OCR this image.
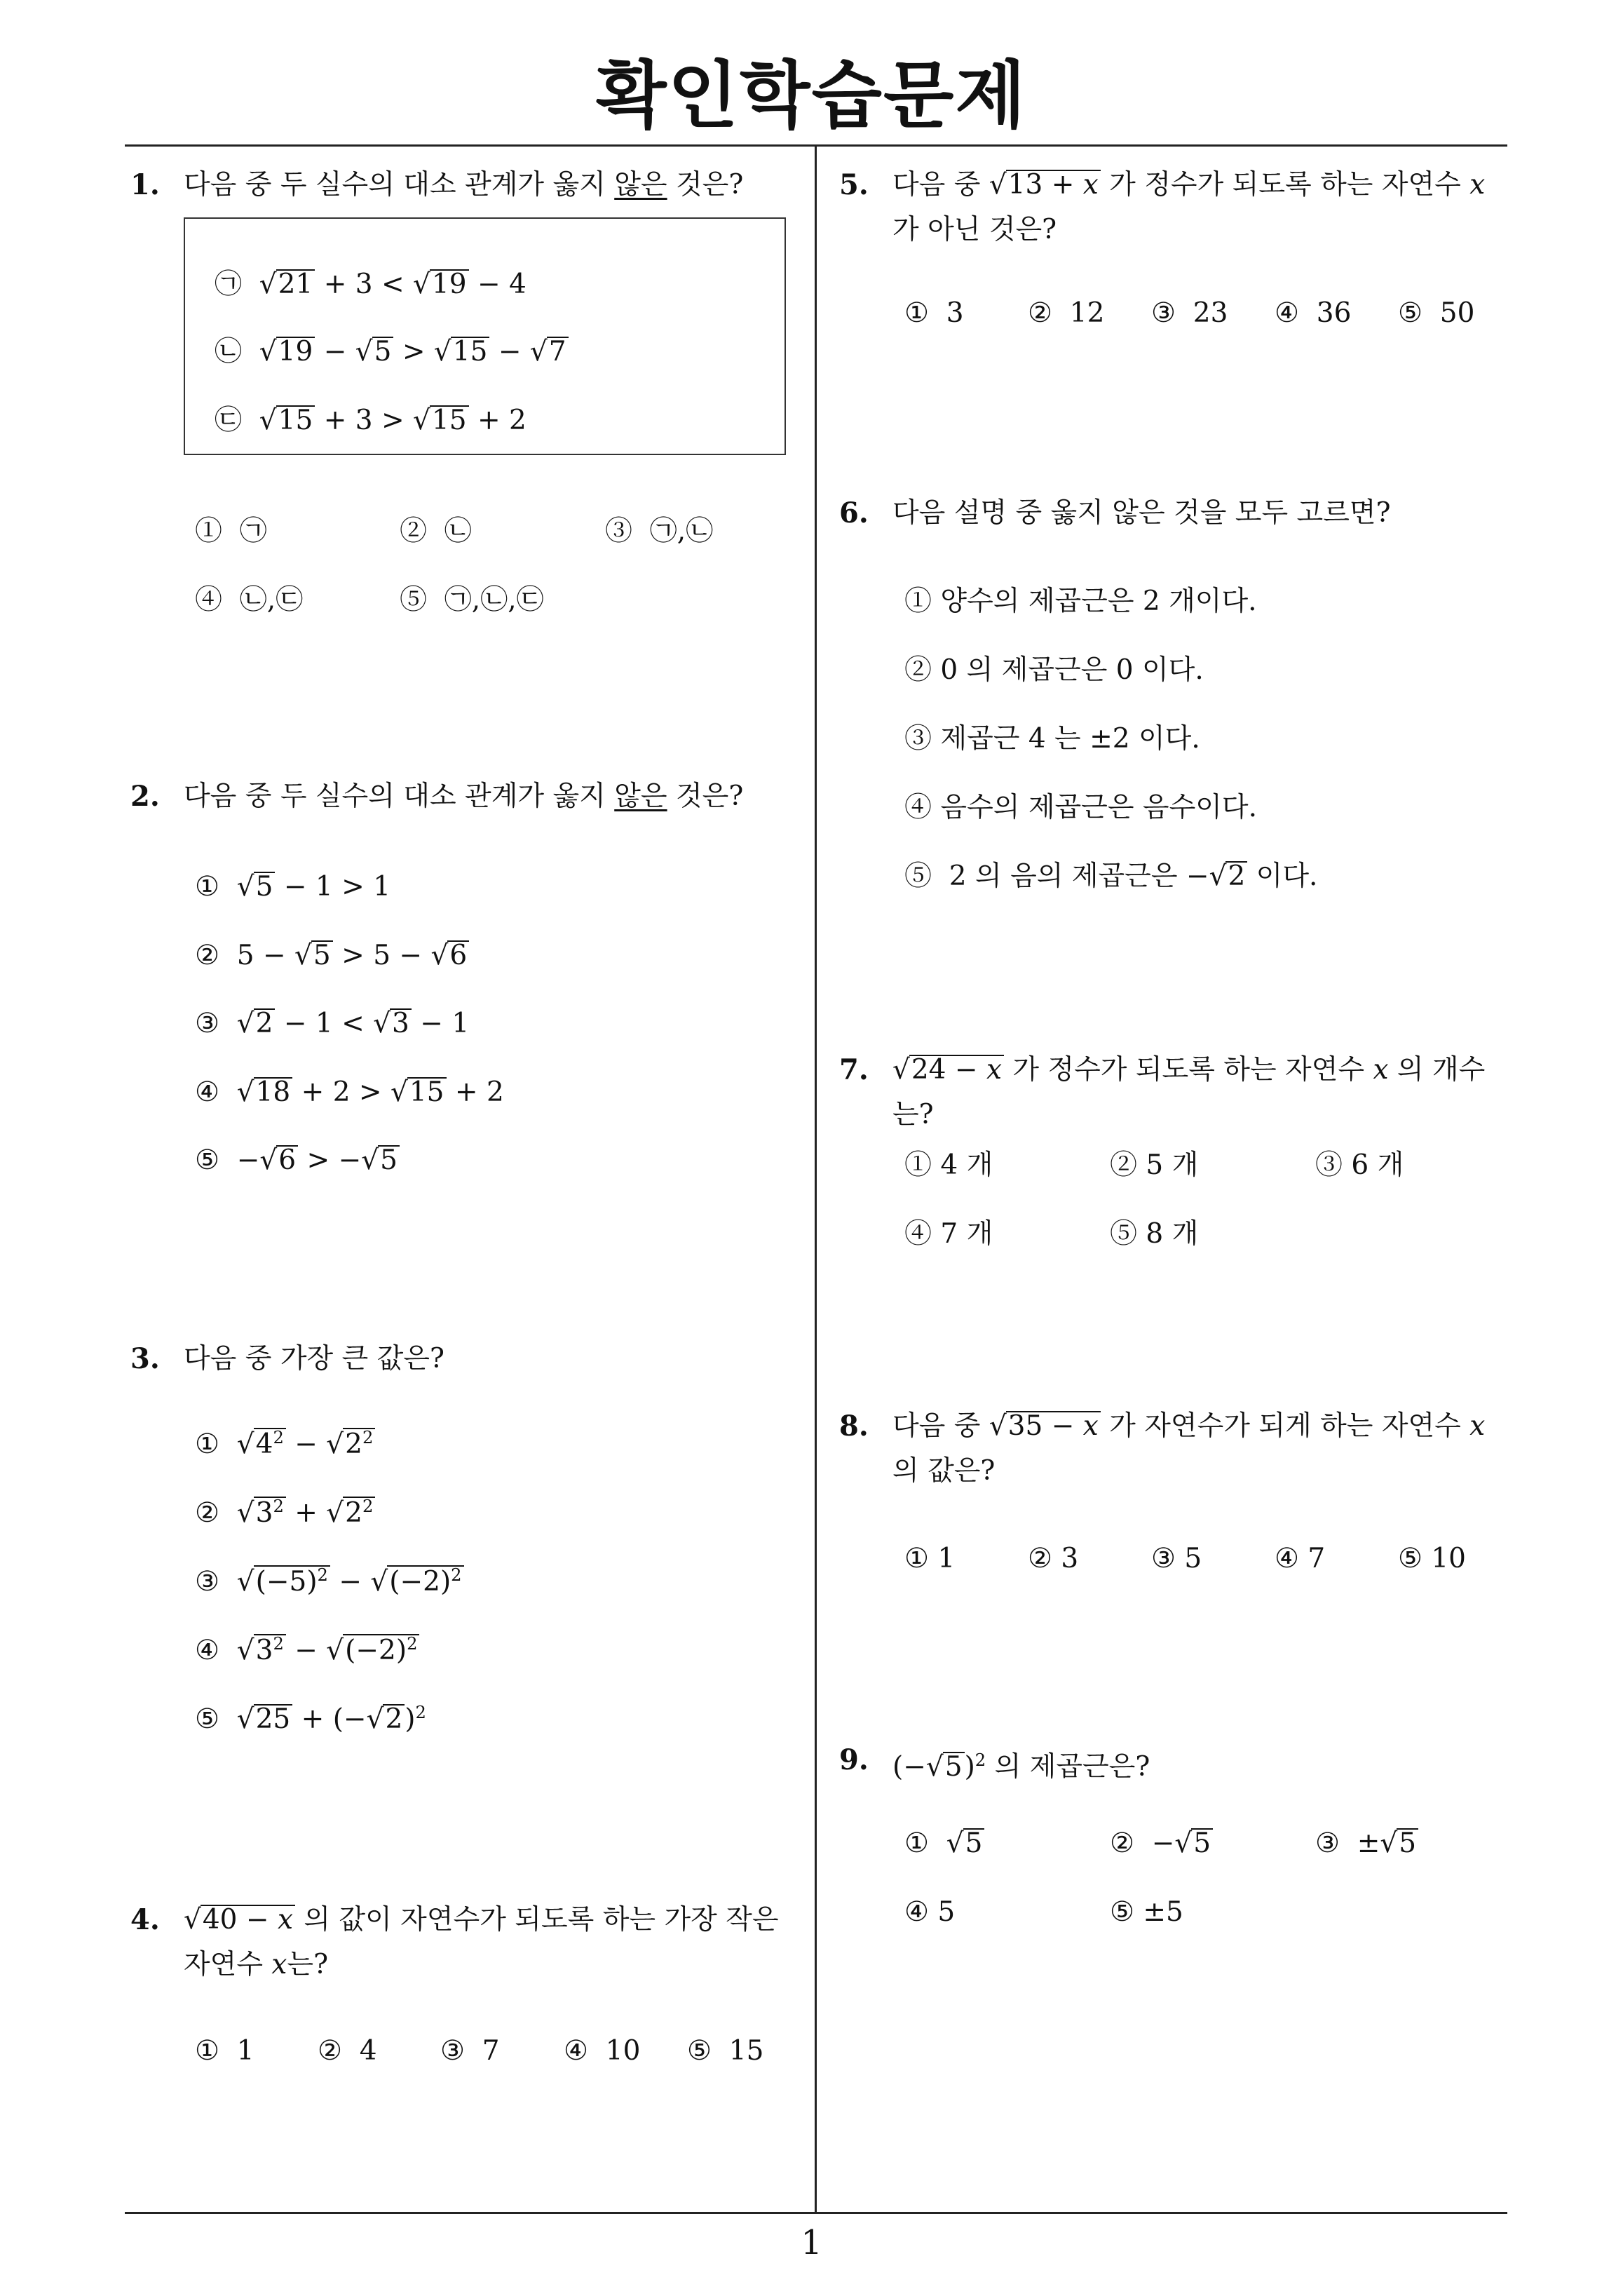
확인학습문제
1
1. 다음 중 두 실수의 대소 관계가 옳지 않은 것은?
㉠  √21 + 3 < √19 − 4
㉡  √19 − √5 > √15 − √7
㉢  √15 + 3 > √15 + 2
①  ㉠	②  ㉡	③  ㉠,㉡
④  ㉡,㉢	⑤  ㉠,㉡,㉢
2. 다음 중 두 실수의 대소 관계가 옳지 않은 것은?
①  √5 − 1 > 1
②  5 − √5 > 5 − √6
③  √2 − 1 < √3 − 1
④  √18 + 2 > √15 + 2
⑤  −√6 > −√5
3. 다음 중 가장 큰 값은?
①  $√4^2 - √2^2$
②  $√3^2 + √2^2$
③  $√(-5)^2 - √(-2)^2$
④  $√3^2 - √(-2)^2$
⑤  $√25 + (-√2)^2$
4. √40 − x 의 값이 자연수가 되도록 하는 가장 작은 자연수 x는?
①  1 ②  4 ③  7 ④  10 ⑤  15
5. 다음 중 √13 + x 가 정수가 되도록 하는 자연수 x 가 아닌 것은?
①  3 ②  12 ③  23 ④  36 ⑤  50
6. 다음 설명 중 옳지 않은 것을 모두 고르면?
① 양수의 제곱근은 2 개이다.
② 0 의 제곱근은 0 이다.
③ 제곱근 4 는 ±2 이다.
④ 음수의 제곱근은 음수이다.
⑤  2 의 음의 제곱근은 −√2 이다.
7. √24 − x 가 정수가 되도록 하는 자연수 x 의 개수는?
① 4 개	② 5 개	③ 6 개
④ 7 개	⑤ 8 개
8. 다음 중 √35 − x 가 자연수가 되게 하는 자연수 x 의 값은?
① 1	② 3	③ 5	④ 7	⑤ 10
9. $(-√5)^2$ 의 제곱근은?
①  √5	②  −√5	③  ±√5
④ 5	⑤ ±5
